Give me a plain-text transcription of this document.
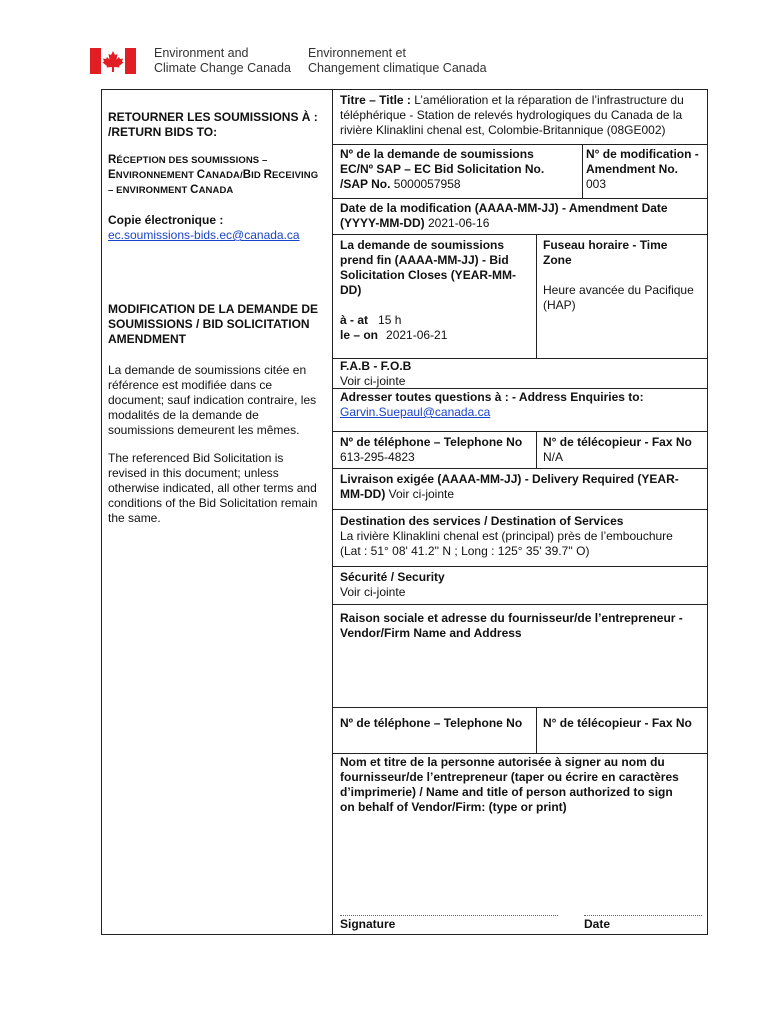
Environment and
Climate Change Canada
Environnement et
Changement climatique Canada
RETOURNER LES SOUMISSIONS À :
/RETURN BIDS TO:
RÉCEPTION DES SOUMISSIONS –
ENVIRONNEMENT CANADA/BID RECEIVING
– ENVIRONMENT CANADA
Copie électronique :
ec.soumissions-bids.ec@canada.ca
MODIFICATION DE LA DEMANDE DE
SOUMISSIONS / BID SOLICITATION
AMENDMENT
La demande de soumissions citée en
référence est modifiée dans ce
document; sauf indication contraire, les
modalités de la demande de
soumissions demeurent les mêmes.
The referenced Bid Solicitation is
revised in this document; unless
otherwise indicated, all other terms and
conditions of the Bid Solicitation remain
the same.
Titre – Title : L’amélioration et la réparation de l’infrastructure du
téléphérique - Station de relevés hydrologiques du Canada de la
rivière Klinaklini chenal est, Colombie-Britannique (08GE002)
Nº de la demande de soumissions
EC/Nº SAP – EC Bid Solicitation No.
/SAP No. 5000057958
N° de modification -
Amendment No.
003
Date de la modification (AAAA-MM-JJ) - Amendment Date
(YYYY-MM-DD) 2021-06-16
La demande de soumissions
prend fin (AAAA-MM-JJ) - Bid
Solicitation Closes (YEAR-MM-
DD)
à - at 15 h
le – on 2021-06-21
Fuseau horaire - Time
Zone
Heure avancée du Pacifique
(HAP)
F.A.B - F.O.B
Voir ci-jointe
Adresser toutes questions à : - Address Enquiries to:
Garvin.Suepaul@canada.ca
Nº de téléphone – Telephone No
613-295-4823
N° de télécopieur - Fax No
N/A
Livraison exigée (AAAA-MM-JJ) - Delivery Required (YEAR-
MM-DD) Voir ci-jointe
Destination des services / Destination of Services
La rivière Klinaklini chenal est (principal) près de l’embouchure
(Lat : 51° 08' 41.2'' N ; Long : 125° 35' 39.7'' O)
Sécurité / Security
Voir ci-jointe
Raison sociale et adresse du fournisseur/de l’entrepreneur -
Vendor/Firm Name and Address
Nº de téléphone – Telephone No	N° de télécopieur - Fax No
Nom et titre de la personne autorisée à signer au nom du
fournisseur/de l’entrepreneur (taper ou écrire en caractères
d’imprimerie) / Name and title of person authorized to sign
on behalf of Vendor/Firm: (type or print)
Signature	Date
